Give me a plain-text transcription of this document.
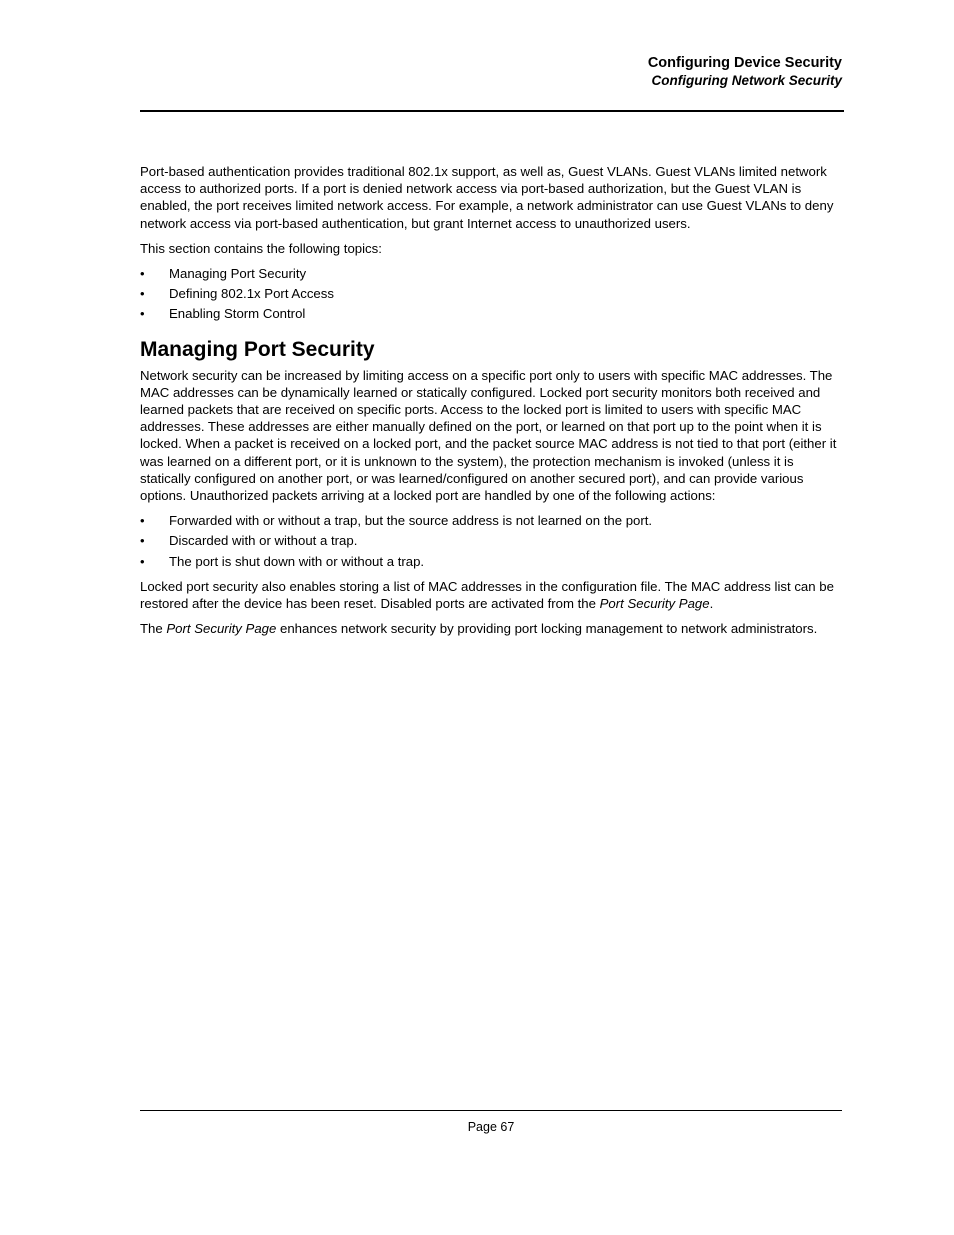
Configuring Device Security
Configuring Network Security

Port-based authentication provides traditional 802.1x support, as well as, Guest VLANs. Guest VLANs limited network access to authorized ports. If a port is denied network access via port-based authorization, but the Guest VLAN is enabled, the port receives limited network access. For example, a network administrator can use Guest VLANs to deny network access via port-based authentication, but grant Internet access to unauthorized users.

This section contains the following topics:

• Managing Port Security
• Defining 802.1x Port Access
• Enabling Storm Control
Managing Port Security

Network security can be increased by limiting access on a specific port only to users with specific MAC addresses. The MAC addresses can be dynamically learned or statically configured. Locked port security monitors both received and learned packets that are received on specific ports. Access to the locked port is limited to users with specific MAC addresses. These addresses are either manually defined on the port, or learned on that port up to the point when it is locked. When a packet is received on a locked port, and the packet source MAC address is not tied to that port (either it was learned on a different port, or it is unknown to the system), the protection mechanism is invoked (unless it is statically configured on another port, or was learned/configured on another secured port), and can provide various options. Unauthorized packets arriving at a locked port are handled by one of the following actions:

• Forwarded with or without a trap, but the source address is not learned on the port.
• Discarded with or without a trap.
• The port is shut down with or without a trap.

Locked port security also enables storing a list of MAC addresses in the configuration file. The MAC address list can be restored after the device has been reset. Disabled ports are activated from the Port Security Page.

The Port Security Page enhances network security by providing port locking management to network administrators.

Page 67
